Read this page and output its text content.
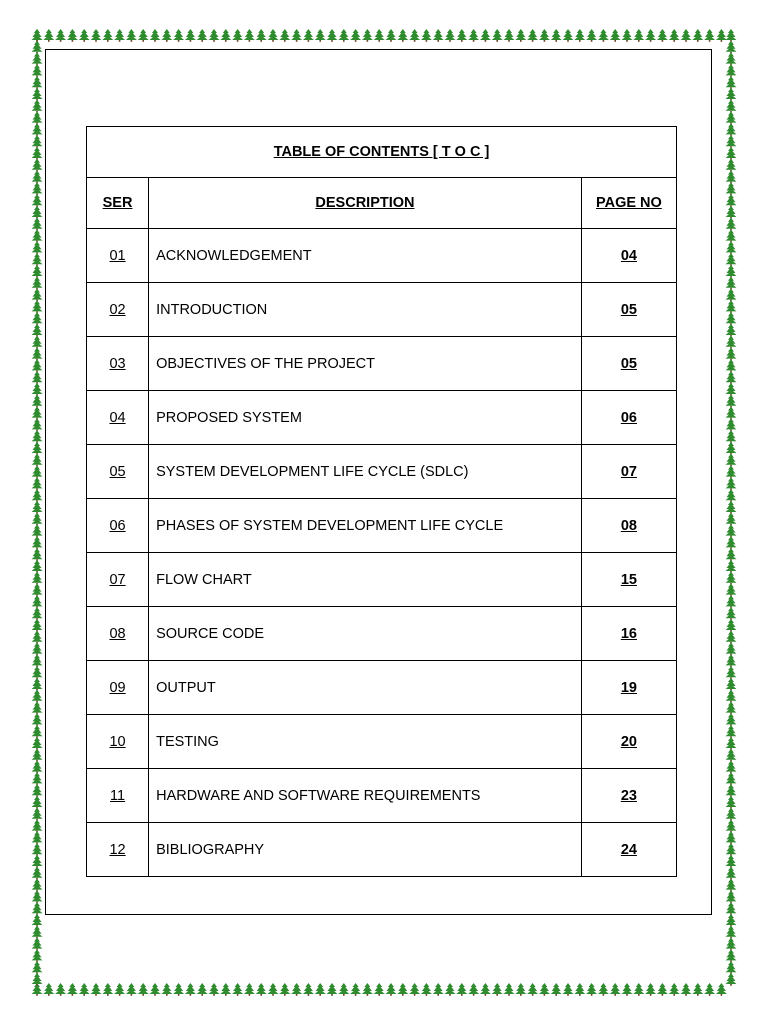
TABLE OF CONTENTS [ T O C ]		
SER	DESCRIPTION	PAGE NO
01	ACKNOWLEDGEMENT	04
02	INTRODUCTION	05
03	OBJECTIVES OF THE PROJECT	05
04	PROPOSED SYSTEM	06
05	SYSTEM DEVELOPMENT LIFE CYCLE (SDLC)	07
06	PHASES OF SYSTEM DEVELOPMENT LIFE CYCLE	08
07	FLOW CHART	15
08	SOURCE CODE	16
09	OUTPUT	19
10	TESTING	20
11	HARDWARE AND SOFTWARE REQUIREMENTS	23
12	BIBLIOGRAPHY	24
